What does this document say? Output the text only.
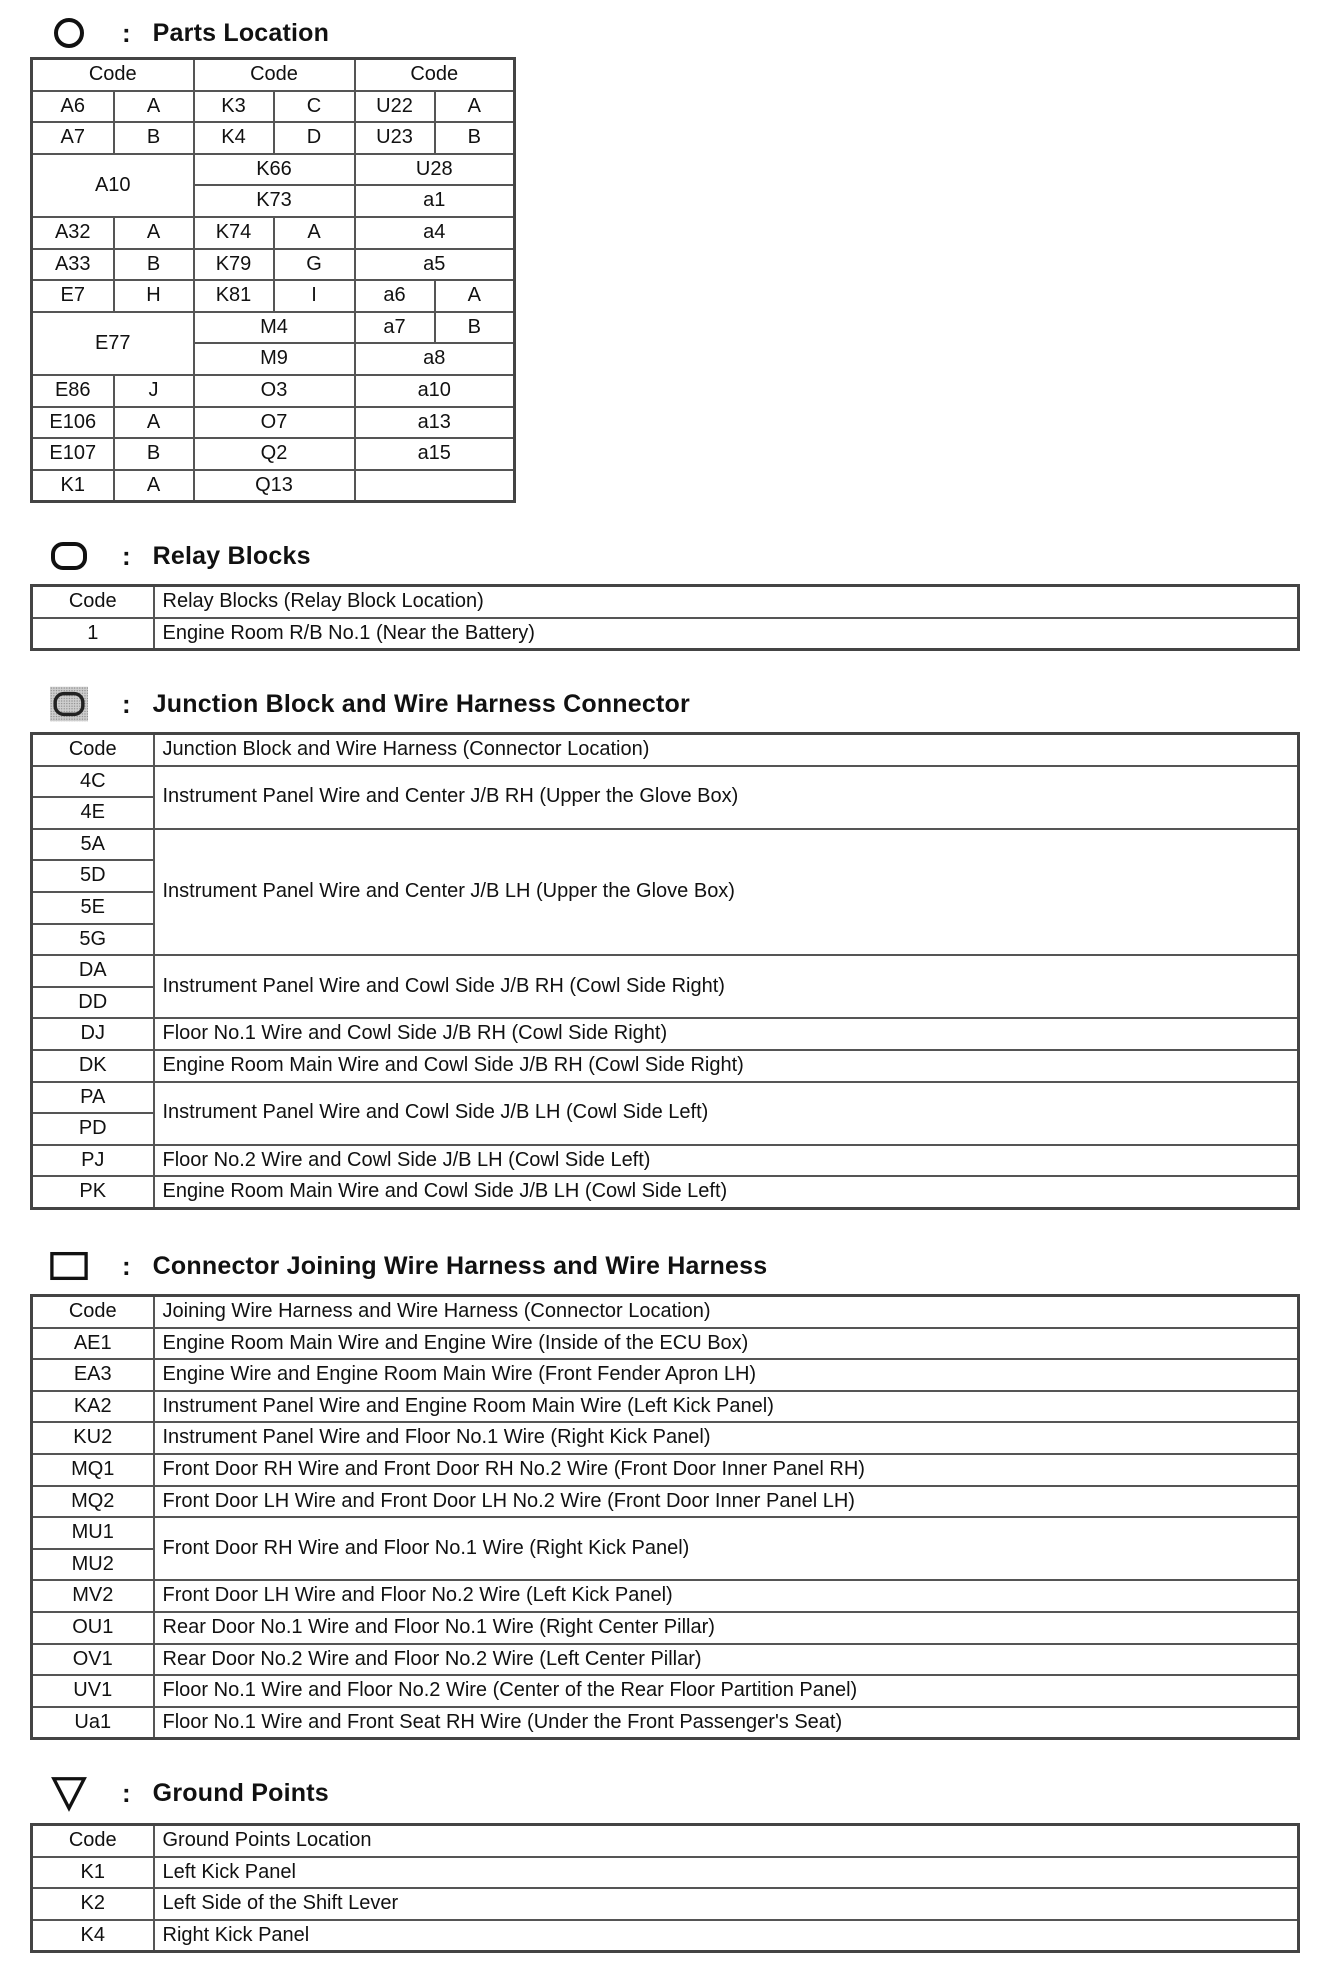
: Parts Location
Code		Code		Code	
A6	A	K3	C	U22	A
A7	B	K4	D	U23	B
A10		K66		U28	
		K73		a1	
A32	A	K74	A	a4	
A33	B	K79	G	a5	
E7	H	K81	I	a6	A
E77		M4		a7	B
		M9		a8	
E86	J	O3		a10	
E106	A	O7		a13	
E107	B	Q2		a15	
K1	A	Q13			
: Relay Blocks
Code	Relay Blocks (Relay Block Location)
1	Engine Room R/B No.1 (Near the Battery)
: Junction Block and Wire Harness Connector
Code	Junction Block and Wire Harness (Connector Location)
4C	Instrument Panel Wire and Center J/B RH (Upper the Glove Box)
4E	
5A	Instrument Panel Wire and Center J/B LH (Upper the Glove Box)
5D	
5E	
5G	
DA	Instrument Panel Wire and Cowl Side J/B RH (Cowl Side Right)
DD	
DJ	Floor No.1 Wire and Cowl Side J/B RH (Cowl Side Right)
DK	Engine Room Main Wire and Cowl Side J/B RH (Cowl Side Right)
PA	Instrument Panel Wire and Cowl Side J/B LH (Cowl Side Left)
PD	
PJ	Floor No.2 Wire and Cowl Side J/B LH (Cowl Side Left)
PK	Engine Room Main Wire and Cowl Side J/B LH (Cowl Side Left)
: Connector Joining Wire Harness and Wire Harness
Code	Joining Wire Harness and Wire Harness (Connector Location)
AE1	Engine Room Main Wire and Engine Wire (Inside of the ECU Box)
EA3	Engine Wire and Engine Room Main Wire (Front Fender Apron LH)
KA2	Instrument Panel Wire and Engine Room Main Wire (Left Kick Panel)
KU2	Instrument Panel Wire and Floor No.1 Wire (Right Kick Panel)
MQ1	Front Door RH Wire and Front Door RH No.2 Wire (Front Door Inner Panel RH)
MQ2	Front Door LH Wire and Front Door LH No.2 Wire (Front Door Inner Panel LH)
MU1	Front Door RH Wire and Floor No.1 Wire (Right Kick Panel)
MU2	
MV2	Front Door LH Wire and Floor No.2 Wire (Left Kick Panel)
OU1	Rear Door No.1 Wire and Floor No.1 Wire (Right Center Pillar)
OV1	Rear Door No.2 Wire and Floor No.2 Wire (Left Center Pillar)
UV1	Floor No.1 Wire and Floor No.2 Wire (Center of the Rear Floor Partition Panel)
Ua1	Floor No.1 Wire and Front Seat RH Wire (Under the Front Passenger's Seat)
: Ground Points
Code	Ground Points Location
K1	Left Kick Panel
K2	Left Side of the Shift Lever
K4	Right Kick Panel
